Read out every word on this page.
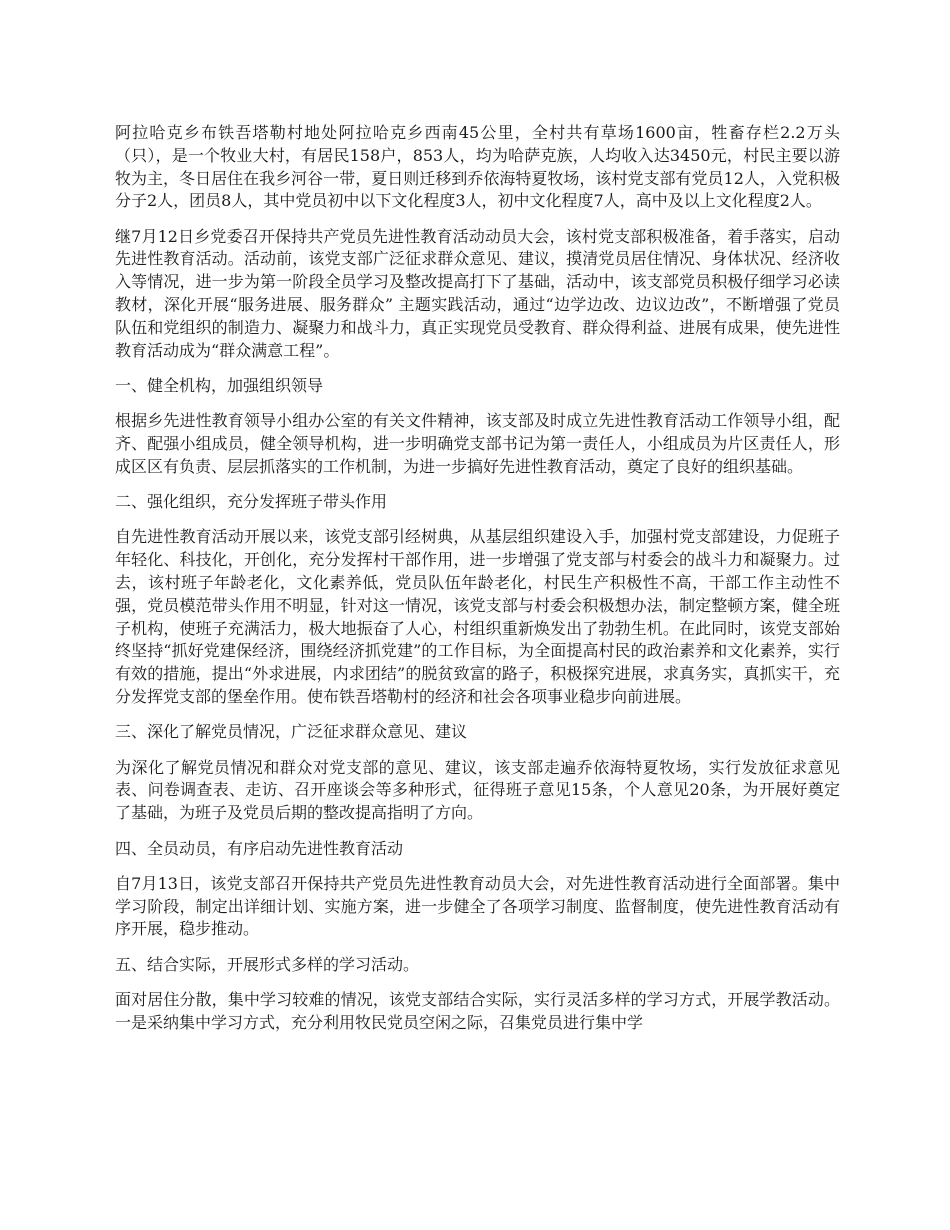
阿拉哈克乡布铁吾塔勒村地处阿拉哈克乡西南45公里，全村共有草场1600亩，牲畜存栏2.2万头（只），是一个牧业大村，有居民158户，853人，均为哈萨克族，人均收入达3450元，村民主要以游牧为主，冬日居住在我乡河谷一带，夏日则迁移到乔依海特夏牧场，该村党支部有党员12人，入党积极分子2人，团员8人，其中党员初中以下文化程度3人，初中文化程度7人，高中及以上文化程度2人。

继7月12日乡党委召开保持共产党员先进性教育活动动员大会，该村党支部积极准备，着手落实，启动先进性教育活动。活动前，该党支部广泛征求群众意见、建议，摸清党员居住情况、身体状况、经济收入等情况，进一步为第一阶段全员学习及整改提高打下了基础，活动中，该支部党员积极仔细学习必读教材，深化开展“服务进展、服务群众” 主题实践活动，通过“边学边改、边议边改”，不断增强了党员队伍和党组织的制造力、凝聚力和战斗力，真正实现党员受教育、群众得利益、进展有成果，使先进性教育活动成为“群众满意工程”。

一、健全机构，加强组织领导

根据乡先进性教育领导小组办公室的有关文件精神，该支部及时成立先进性教育活动工作领导小组，配齐、配强小组成员，健全领导机构，进一步明确党支部书记为第一责任人，小组成员为片区责任人，形成区区有负责、层层抓落实的工作机制，为进一步搞好先进性教育活动，奠定了良好的组织基础。

二、强化组织，充分发挥班子带头作用

自先进性教育活动开展以来，该党支部引经树典，从基层组织建设入手，加强村党支部建设，力促班子年轻化、科技化，开创化，充分发挥村干部作用，进一步增强了党支部与村委会的战斗力和凝聚力。过去，该村班子年龄老化，文化素养低，党员队伍年龄老化，村民生产积极性不高，干部工作主动性不强，党员模范带头作用不明显，针对这一情况，该党支部与村委会积极想办法，制定整顿方案，健全班子机构，使班子充满活力，极大地振奋了人心，村组织重新焕发出了勃勃生机。在此同时，该党支部始终坚持“抓好党建保经济，围绕经济抓党建”的工作目标，为全面提高村民的政治素养和文化素养，实行有效的措施，提出“外求进展，内求团结”的脱贫致富的路子，积极探究进展，求真务实，真抓实干，充分发挥党支部的堡垒作用。使布铁吾塔勒村的经济和社会各项事业稳步向前进展。

三、深化了解党员情况，广泛征求群众意见、建议

为深化了解党员情况和群众对党支部的意见、建议，该支部走遍乔依海特夏牧场，实行发放征求意见表、问卷调查表、走访、召开座谈会等多种形式，征得班子意见15条，个人意见20条，为开展好奠定了基础，为班子及党员后期的整改提高指明了方向。

四、全员动员，有序启动先进性教育活动

自7月13日，该党支部召开保持共产党员先进性教育动员大会，对先进性教育活动进行全面部署。集中学习阶段，制定出详细计划、实施方案，进一步健全了各项学习制度、监督制度，使先进性教育活动有序开展，稳步推动。

五、结合实际，开展形式多样的学习活动。

面对居住分散，集中学习较难的情况，该党支部结合实际，实行灵活多样的学习方式，开展学教活动。一是采纳集中学习方式，充分利用牧民党员空闲之际，召集党员进行集中学
